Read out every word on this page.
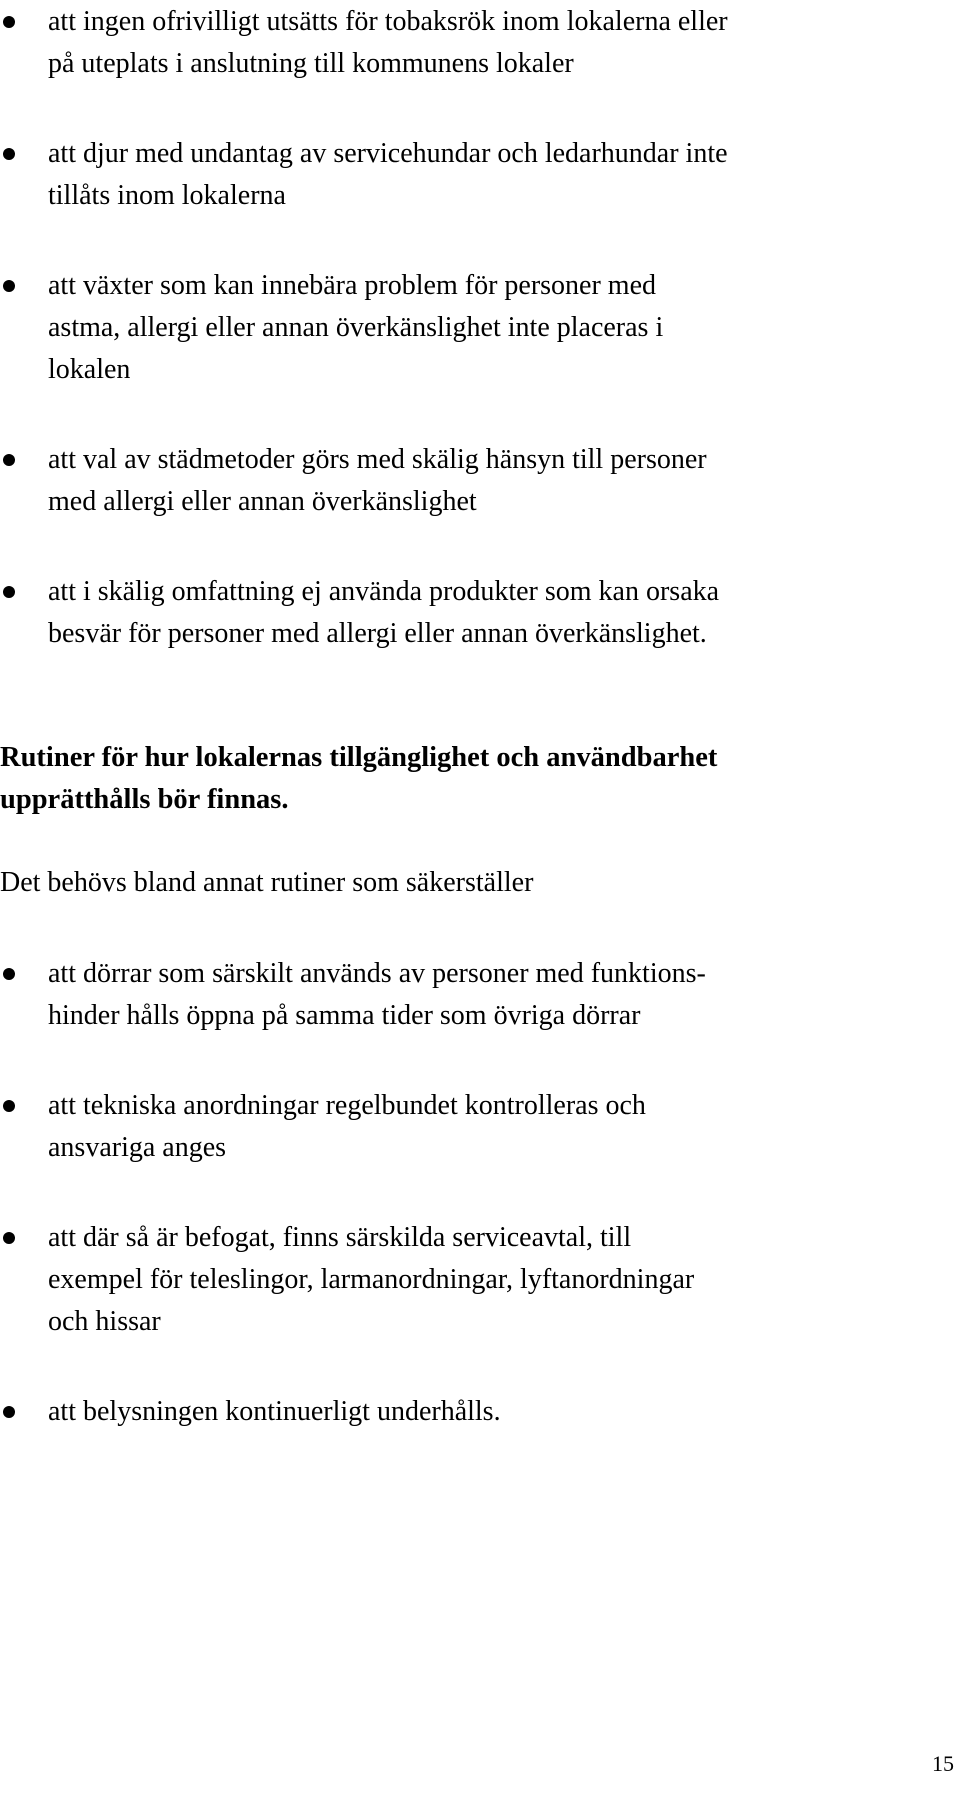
att ingen ofrivilligt utsätts för tobaksrök inom lokalerna eller
på uteplats i anslutning till kommunens lokaler
att djur med undantag av servicehundar och ledarhundar inte
tillåts inom lokalerna
att växter som kan innebära problem för personer med
astma, allergi eller annan överkänslighet inte placeras i
lokalen
att val av städmetoder görs med skälig hänsyn till personer
med allergi eller annan överkänslighet
att i skälig omfattning ej använda produkter som kan orsaka
besvär för personer med allergi eller annan överkänslighet.
Rutiner för hur lokalernas tillgänglighet och användbarhet
upprätthålls bör finnas.

Det behövs bland annat rutiner som säkerställer

att dörrar som särskilt används av personer med funktions-
hinder hålls öppna på samma tider som övriga dörrar
att tekniska anordningar regelbundet kontrolleras och
ansvariga anges
att där så är befogat, finns särskilda serviceavtal, till
exempel för teleslingor, larmanordningar, lyftanordningar
och hissar
att belysningen kontinuerligt underhålls.
15
